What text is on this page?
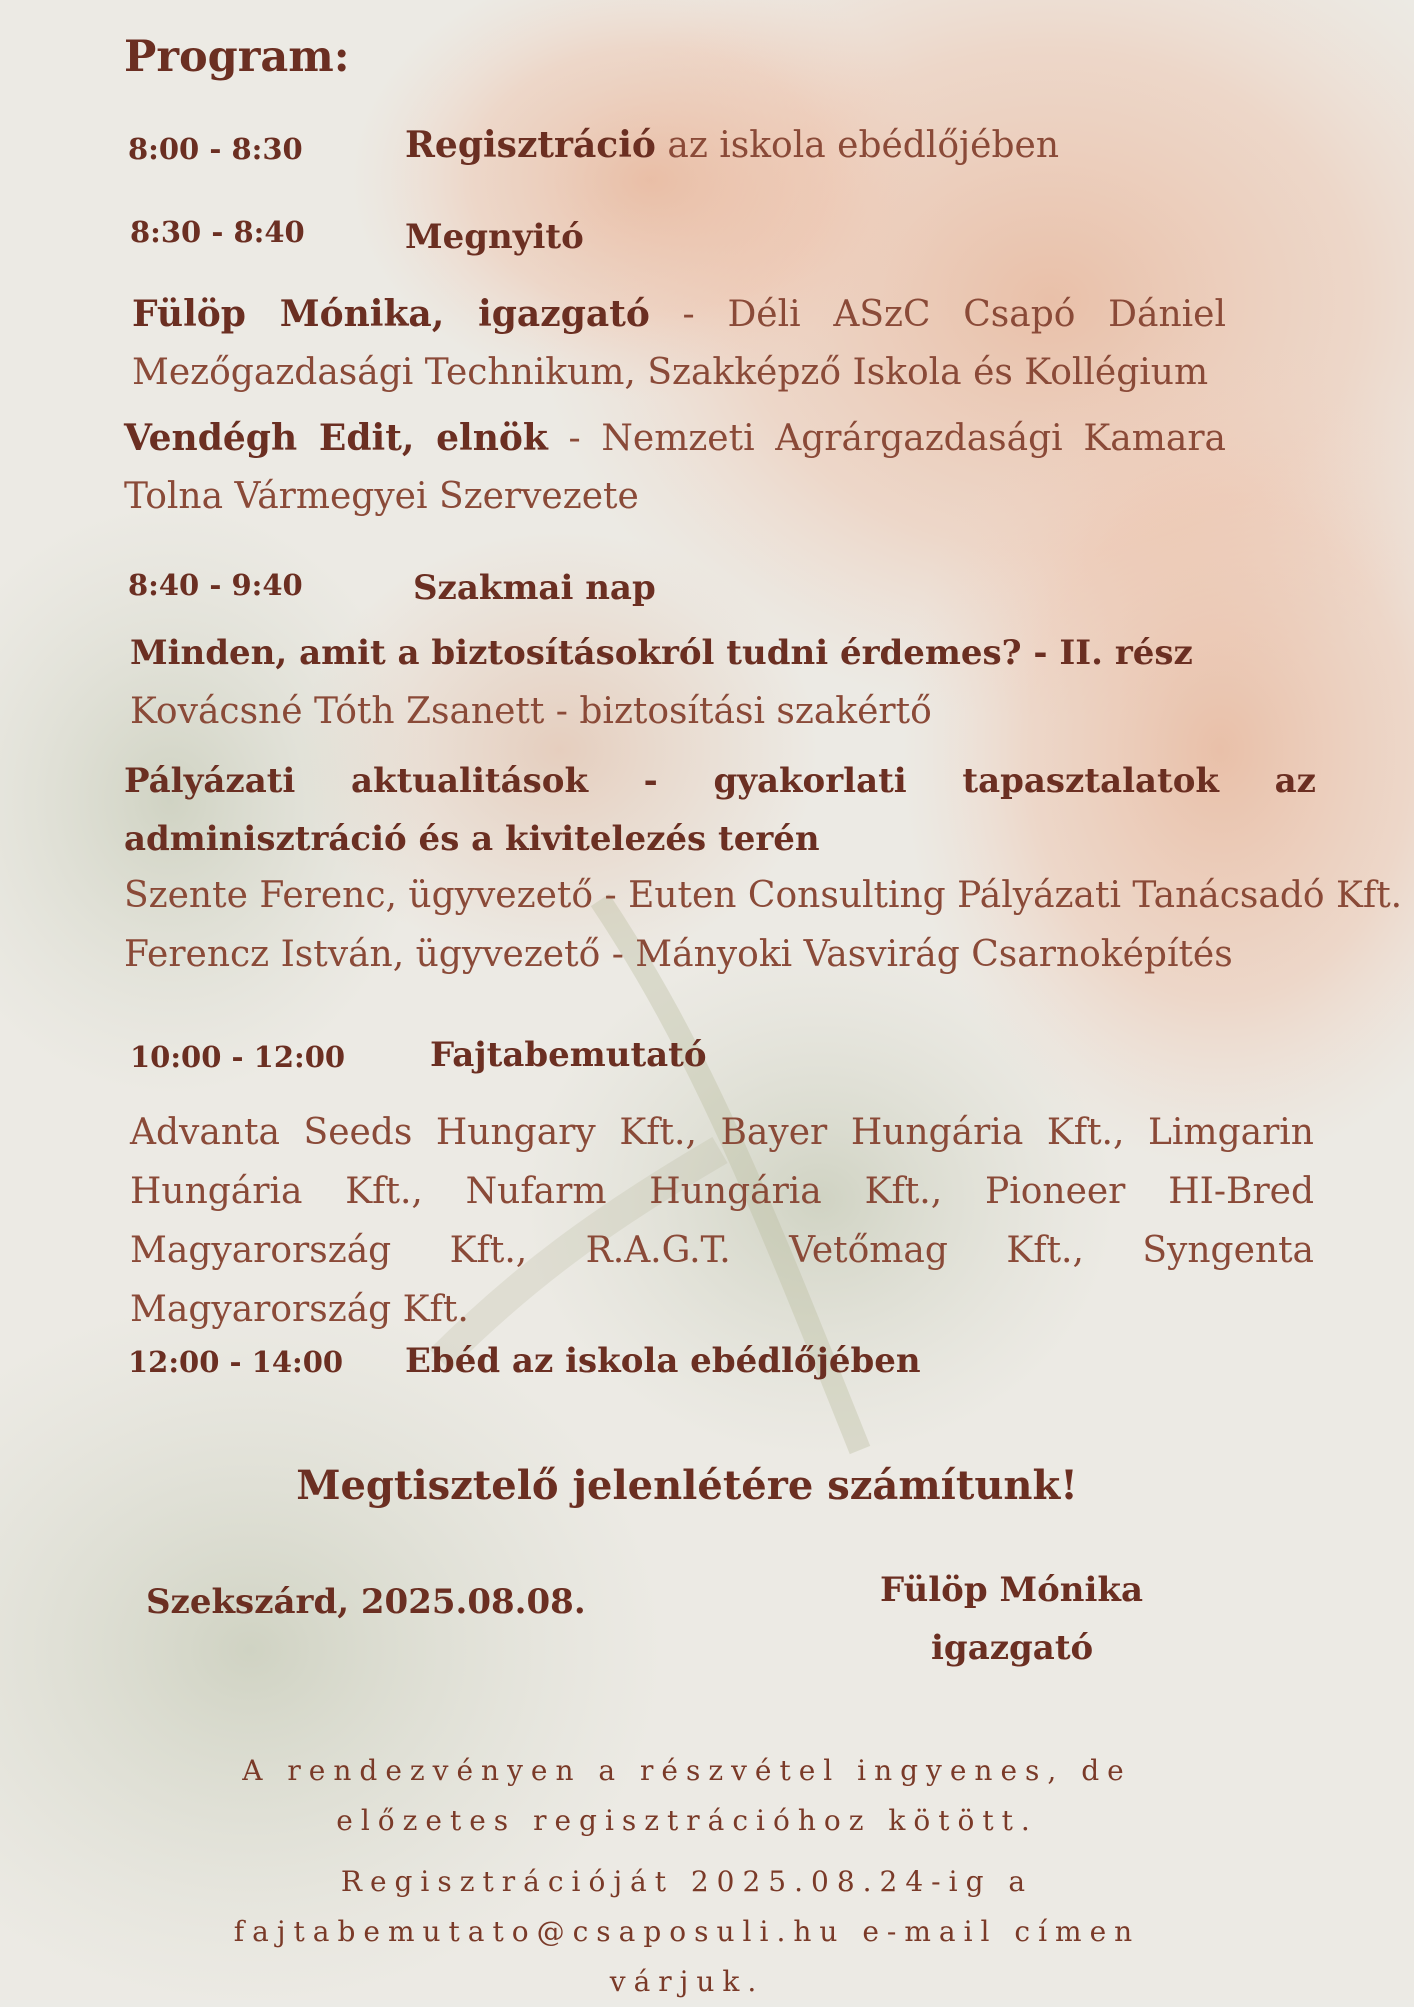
Program:
8:00 - 8:30	Regisztráció az iskola ebédlőjében
8:30 - 8:40	Megnyitó

Fülöp Mónika, igazgató - Déli ASzC Csapó Dániel Mezőgazdasági Technikum, Szakképző Iskola és Kollégium

Vendégh Edit, elnök - Nemzeti Agrárgazdasági Kamara Tolna Vármegyei Szervezete

8:40 - 9:40	Szakmai nap
Minden, amit a biztosításokról tudni érdemes? - II. rész
Kovácsné Tóth Zsanett - biztosítási szakértő

Pályázati aktualitások - gyakorlati tapasztalatok az adminisztráció és a kivitelezés terén

Szente Ferenc, ügyvezető - Euten Consulting Pályázati Tanácsadó Kft.
Ferencz István, ügyvezető - Mányoki Vasvirág Csarnoképítés
10:00 - 12:00 Fajtabemutató

Advanta Seeds Hungary Kft., Bayer Hungária Kft., Limgarin Hungária Kft., Nufarm Hungária Kft., Pioneer HI-Bred Magyarország Kft., R.A.G.T. Vetőmag Kft., Syngenta Magyarország Kft.

12:00 - 14:00 Ebéd az iskola ebédlőjében
Megtisztelő jelenlétére számítunk!
Szekszárd, 2025.08.08.	Fülöp Mónika
igazgató

A rendezvényen a részvétel ingyenes, de előzetes regisztrációhoz kötött.

Regisztrációját 2025.08.24-ig a fajtabemutato@csaposuli.hu e-mail címen várjuk.
